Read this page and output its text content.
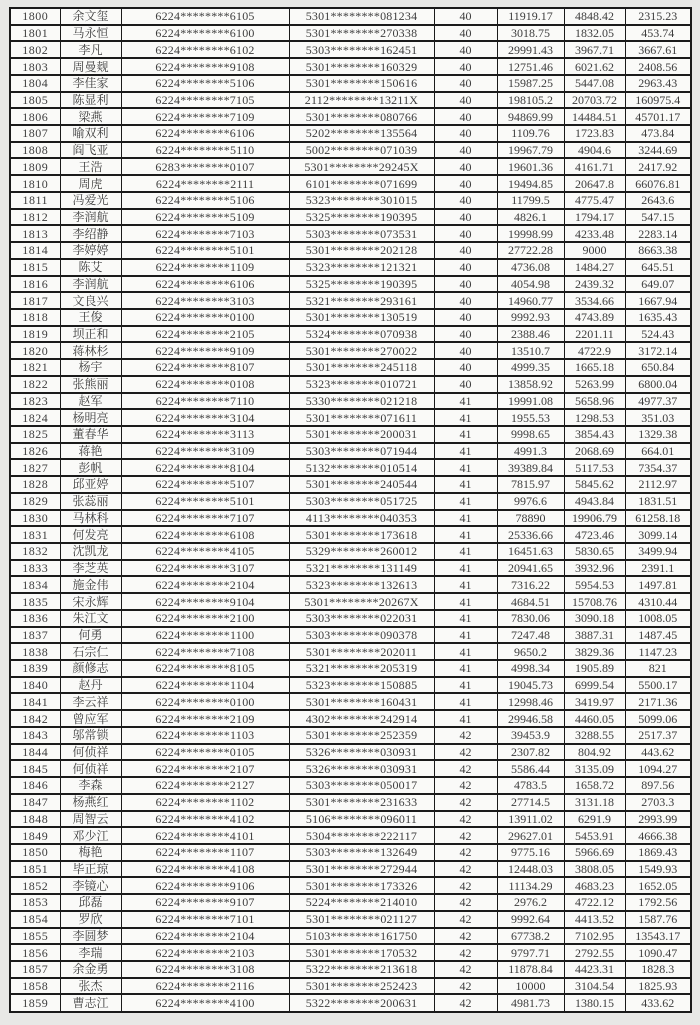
1800	余文玺	6224********6105	5301********081234	40	11919.17	4848.42	2315.23
1801	马永恒	6224********6100	5301********270338	40	3018.75	1832.05	453.74
1802	李凡	6224********6102	5303********162451	40	29991.43	3967.71	3667.61
1803	周曼觌	6224********9108	5301********160329	40	12751.46	6021.62	2408.56
1804	李佳家	6224********5106	5301********150616	40	15987.25	5447.08	2963.43
1805	陈显利	6224********7105	2112********13211X	40	198105.2	20703.72	160975.4
1806	梁燕	6224********7109	5301********080766	40	94869.99	14484.51	45701.17
1807	喻双利	6224********6106	5202********135564	40	1109.76	1723.83	473.84
1808	阎飞亚	6224********5110	5002********071039	40	19967.79	4904.6	3244.69
1809	王浩	6283********0107	5301********29245X	40	19601.36	4161.71	2417.92
1810	周虎	6224********2111	6101********071699	40	19494.85	20647.8	66076.81
1811	冯爱光	6224********5106	5323********301015	40	11799.5	4775.47	2643.6
1812	李润航	6224********5109	5325********190395	40	4826.1	1794.17	547.15
1813	李绍静	6224********7103	5303********073531	40	19998.99	4233.48	2283.14
1814	李婷婷	6224********5101	5301********202128	40	27722.28	9000	8663.38
1815	陈艾	6224********1109	5323********121321	40	4736.08	1484.27	645.51
1816	李润航	6224********6106	5325********190395	40	4054.98	2439.32	649.07
1817	文良兴	6224********3103	5321********293161	40	14960.77	3534.66	1667.94
1818	王俊	6224********0100	5301********130519	40	9992.93	4743.89	1635.43
1819	坝正和	6224********2105	5324********070938	40	2388.46	2201.11	524.43
1820	蒋林杉	6224********9109	5301********270022	40	13510.7	4722.9	3172.14
1821	杨宇	6224********8107	5301********245118	40	4999.35	1665.18	650.84
1822	张熊丽	6224********0108	5323********010721	40	13858.92	5263.99	6800.04
1823	赵军	6224********7110	5330********021218	41	19991.08	5658.96	4977.37
1824	杨明亮	6224********3104	5301********071611	41	1955.53	1298.53	351.03
1825	董春华	6224********3113	5301********200031	41	9998.65	3854.43	1329.38
1826	蒋艳	6224********3109	5303********071944	41	4991.3	2068.69	664.01
1827	彭帆	6224********8104	5132********010514	41	39389.84	5117.53	7354.37
1828	邱亚婷	6224********5107	5301********240544	41	7815.97	5845.62	2112.97
1829	张蕊丽	6224********5101	5303********051725	41	9976.6	4943.84	1831.51
1830	马林科	6224********7107	4113********040353	41	78890	19906.79	61258.18
1831	何发亮	6224********6108	5301********173618	41	25336.66	4723.46	3099.14
1832	沈凯龙	6224********4105	5329********260012	41	16451.63	5830.65	3499.94
1833	李芝英	6224********3107	5321********131149	41	20941.65	3932.96	2391.1
1834	施金伟	6224********2104	5323********132613	41	7316.22	5954.53	1497.81
1835	宋永辉	6224********9104	5301********20267X	41	4684.51	15708.76	4310.44
1836	朱江文	6224********2100	5303********022031	41	7830.06	3090.18	1008.05
1837	何勇	6224********1100	5303********090378	41	7247.48	3887.31	1487.45
1838	石宗仁	6224********7108	5301********202011	41	9650.2	3829.36	1147.23
1839	颜修志	6224********8105	5321********205319	41	4998.34	1905.89	821
1840	赵丹	6224********1104	5323********150885	41	19045.73	6999.54	5500.17
1841	李云祥	6224********0100	5301********160431	41	12998.46	3419.97	2171.36
1842	曾应军	6224********2109	4302********242914	41	29946.58	4460.05	5099.06
1843	邬常锁	6224********1103	5301********252359	42	39453.9	3288.55	2517.37
1844	何侦祥	6224********0105	5326********030931	42	2307.82	804.92	443.62
1845	何侦祥	6224********2107	5326********030931	42	5586.44	3135.09	1094.27
1846	李森	6224********2127	5303********050017	42	4783.5	1658.72	897.56
1847	杨燕红	6224********1102	5301********231633	42	27714.5	3131.18	2703.3
1848	周智云	6224********4102	5106********096011	42	13911.02	6291.9	2993.99
1849	邓少江	6224********4101	5304********222117	42	29627.01	5453.91	4666.38
1850	梅艳	6224********1107	5303********132649	42	9775.16	5966.69	1869.43
1851	毕正琼	6224********4108	5301********272944	42	12448.03	3808.05	1549.93
1852	李镜心	6224********9106	5301********173326	42	11134.29	4683.23	1652.05
1853	邱磊	6224********9107	5224********214010	42	2976.2	4722.12	1792.56
1854	罗欣	6224********7101	5301********021127	42	9992.64	4413.52	1587.76
1855	李圆梦	6224********2104	5103********161750	42	67738.2	7102.95	13543.17
1856	李瑞	6224********2103	5301********170532	42	9797.71	2792.55	1090.47
1857	余金勇	6224********3108	5322********213618	42	11878.84	4423.31	1828.3
1858	张杰	6224********2116	5301********252423	42	10000	3104.54	1825.93
1859	曹志江	6224********4100	5322********200631	42	4981.73	1380.15	433.62
